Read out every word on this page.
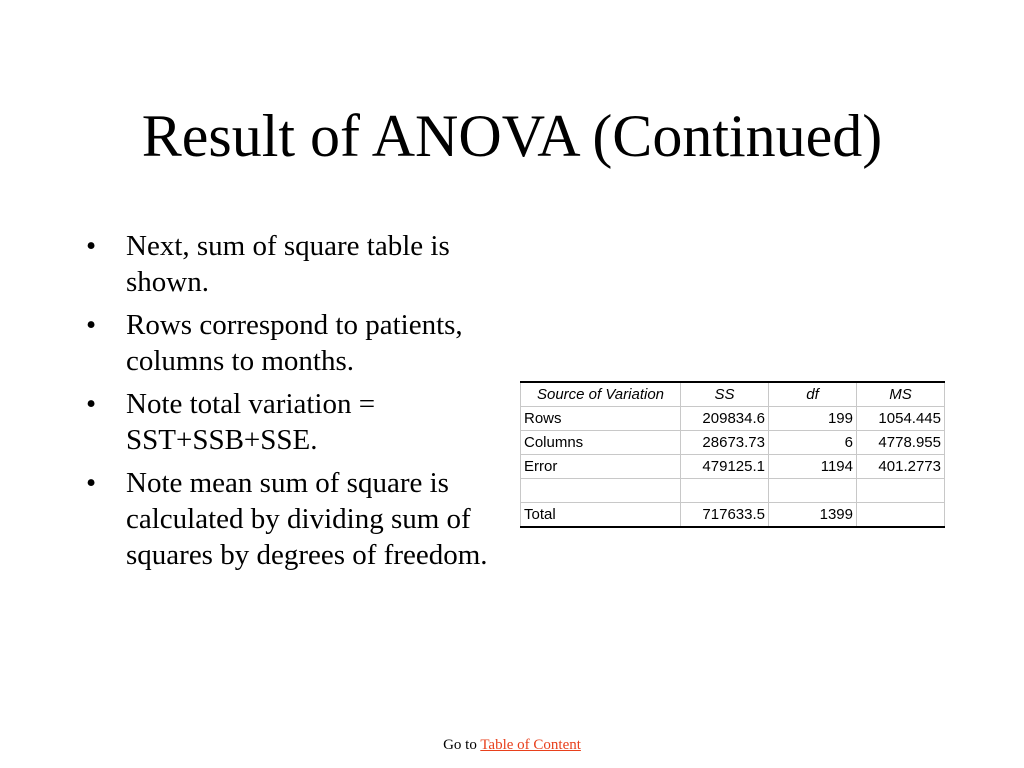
Result of ANOVA (Continued)
• Next, sum of square table is shown.
• Rows correspond to patients, columns to months.
• Note total variation = SST+SSB+SSE.
• Note mean sum of square is calculated by dividing sum of squares by degrees of freedom.
Source of Variation	SS	df	MS
Rows	209834.6	199	1054.445
Columns	28673.73	6	4778.955
Error	479125.1	1194	401.2773

Total	717633.5	1399	
Go to Table of Content
